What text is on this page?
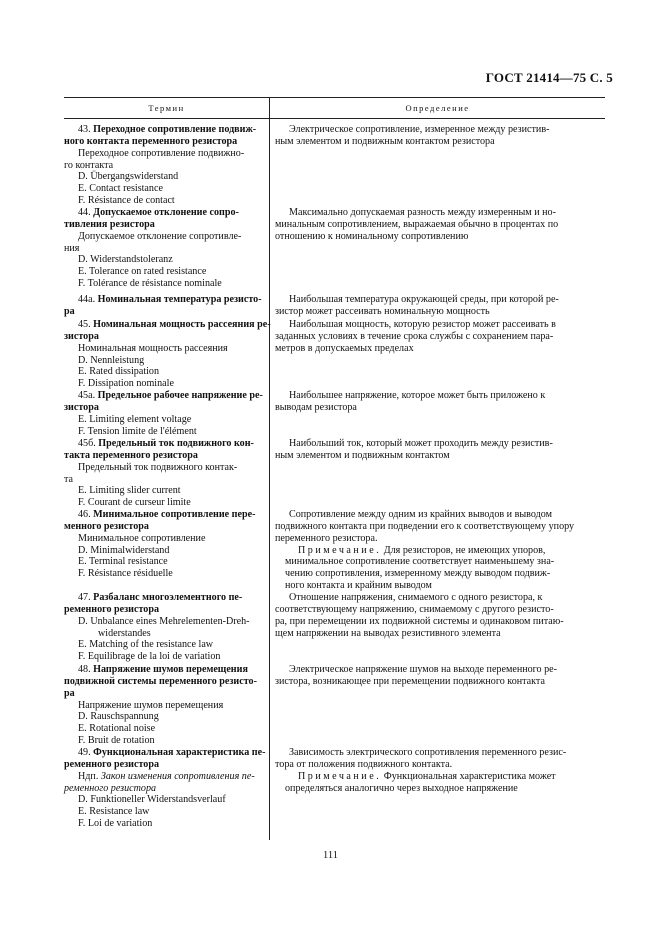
ГОСТ 21414—75 С. 5
Термин	Определение
43. Переходное сопротивление подвиж-
ного контакта переменного резистора
Переходное сопротивление подвижно-
го контакта
D. Übergangswiderstand
E. Contact resistance
F. Résistance de contact
44. Допускаемое отклонение сопро-
тивления резистора
Допускаемое отклонение сопротивле-
ния
D. Widerstandstoleranz
E. Tolerance on rated resistance
F. Tolérance de résistance nominale
44а. Номинальная температура резисто-
ра
45. Номинальная мощность рассеяния ре-
зистора
Номинальная мощность рассеяния
D. Nennleistung
E. Rated dissipation
F. Dissipation nominale
45а. Предельное рабочее напряжение ре-
зистора
E. Limiting element voltage
F. Tension limite de l'élément
45б. Предельный ток подвижного кон-
такта переменного резистора
Предельный ток подвижного контак-
та
E. Limiting slider current
F. Courant de curseur limite
46. Минимальное сопротивление пере-
менного резистора
Минимальное сопротивление
D. Minimalwiderstand
E. Terminal resistance
F. Résistance résiduelle
47. Разбаланс многоэлементного пе-
ременного резистора
D. Unbalance eines Mehrelementen-Dreh-
widerstandes
E. Matching of the resistance law
F. Equilibrage de la loi de variation
48. Напряжение шумов перемещения
подвижной системы переменного резисто-
ра
Напряжение шумов перемещения
D. Rauschspannung
E. Rotational noise
F. Bruit de rotation
49. Функциональная характеристика пе-
ременного резистора
Ндп. Закон изменения сопротивления пе-
ременного резистора
D. Funktioneller Widerstandsverlauf
E. Resistance law
F. Loi de variation
Электрическое сопротивление, измеренное между резистив-
ным элементом и подвижным контактом резистора
Максимально допускаемая разность между измеренным и но-
минальным сопротивлением, выражаемая обычно в процентах по
отношению к номинальному сопротивлению
Наибольшая температура окружающей среды, при которой ре-
зистор может рассеивать номинальную мощность
Наибольшая мощность, которую резистор может рассеивать в
заданных условиях в течение срока службы с сохранением пара-
метров в допускаемых пределах
Наибольшее напряжение, которое может быть приложено к
выводам резистора
Наибольший ток, который может проходить между резистив-
ным элементом и подвижным контактом
Сопротивление между одним из крайних выводов и выводом
подвижного контакта при подведении его к соответствующему упору
переменного резистора.
Примечание. Для резисторов, не имеющих упоров,
минимальное сопротивление соответствует наименьшему зна-
чению сопротивления, измеренному между выводом подвиж-
ного контакта и крайним выводом
Отношение напряжения, снимаемого с одного резистора, к
соответствующему напряжению, снимаемому с другого резисто-
ра, при перемещении их подвижной системы и одинаковом питаю-
щем напряжении на выводах резистивного элемента
Электрическое напряжение шумов на выходе переменного ре-
зистора, возникающее при перемещении подвижного контакта
Зависимость электрического сопротивления переменного резис-
тора от положения подвижного контакта.
Примечание. Функциональная характеристика может
определяться аналогично через выходное напряжение
111
